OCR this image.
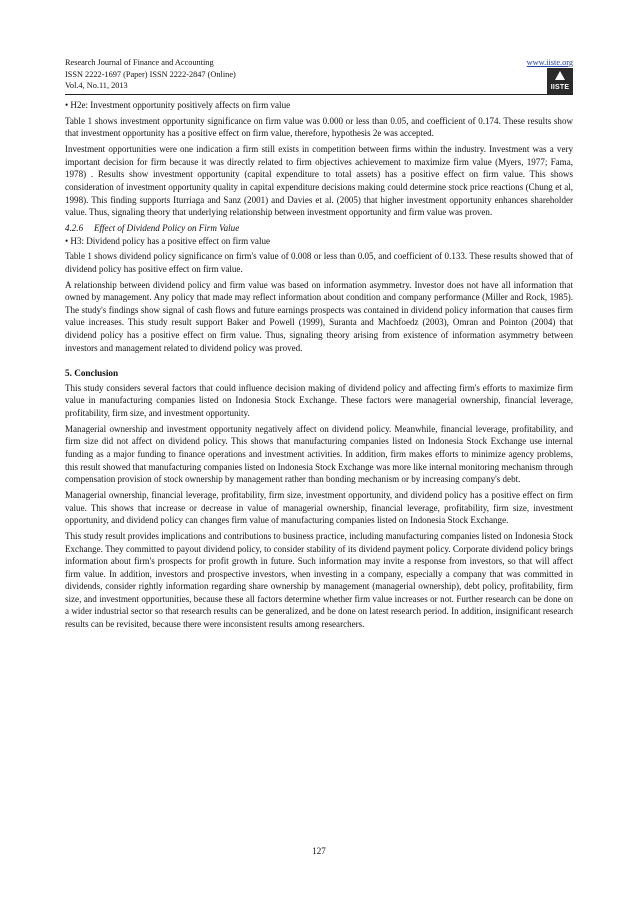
Research Journal of Finance and Accounting
ISSN 2222-1697 (Paper) ISSN 2222-2847 (Online)
Vol.4, No.11, 2013
www.iiste.org
IISTE

• H2e: Investment opportunity positively affects on firm value

Table 1 shows investment opportunity significance on firm value was 0.000 or less than 0.05, and coefficient of 0.174. These results show that investment opportunity has a positive effect on firm value, therefore, hypothesis 2e was accepted.

Investment opportunities were one indication a firm still exists in competition between firms within the industry. Investment was a very important decision for firm because it was directly related to firm objectives achievement to maximize firm value (Myers, 1977; Fama, 1978) . Results show investment opportunity (capital expenditure to total assets) has a positive effect on firm value. This shows consideration of investment opportunity quality in capital expenditure decisions making could determine stock price reactions (Chung et al, 1998). This finding supports Iturriaga and Sanz (2001) and Davies et al. (2005) that higher investment opportunity enhances shareholder value. Thus, signaling theory that underlying relationship between investment opportunity and firm value was proven.

4.2.6 Effect of Dividend Policy on Firm Value

• H3: Dividend policy has a positive effect on firm value

Table 1 shows dividend policy significance on firm's value of 0.008 or less than 0.05, and coefficient of 0.133. These results showed that of dividend policy has positive effect on firm value.

A relationship between dividend policy and firm value was based on information asymmetry. Investor does not have all information that owned by management. Any policy that made may reflect information about condition and company performance (Miller and Rock, 1985). The study's findings show signal of cash flows and future earnings prospects was contained in dividend policy information that causes firm value increases. This study result support Baker and Powell (1999), Suranta and Machfoedz (2003), Omran and Pointon (2004) that dividend policy has a positive effect on firm value. Thus, signaling theory arising from existence of information asymmetry between investors and management related to dividend policy was proved.

5. Conclusion

This study considers several factors that could influence decision making of dividend policy and affecting firm's efforts to maximize firm value in manufacturing companies listed on Indonesia Stock Exchange. These factors were managerial ownership, financial leverage, profitability, firm size, and investment opportunity.

Managerial ownership and investment opportunity negatively affect on dividend policy. Meanwhile, financial leverage, profitability, and firm size did not affect on dividend policy. This shows that manufacturing companies listed on Indonesia Stock Exchange use internal funding as a major funding to finance operations and investment activities. In addition, firm makes efforts to minimize agency problems, this result showed that manufacturing companies listed on Indonesia Stock Exchange was more like internal monitoring mechanism through compensation provision of stock ownership by management rather than bonding mechanism or by increasing company's debt.

Managerial ownership, financial leverage, profitability, firm size, investment opportunity, and dividend policy has a positive effect on firm value. This shows that increase or decrease in value of managerial ownership, financial leverage, profitability, firm size, investment opportunity, and dividend policy can changes firm value of manufacturing companies listed on Indonesia Stock Exchange.

This study result provides implications and contributions to business practice, including manufacturing companies listed on Indonesia Stock Exchange. They committed to payout dividend policy, to consider stability of its dividend payment policy. Corporate dividend policy brings information about firm's prospects for profit growth in future. Such information may invite a response from investors, so that will affect firm value. In addition, investors and prospective investors, when investing in a company, especially a company that was committed in dividends, consider rightly information regarding share ownership by management (managerial ownership), debt policy, profitability, firm size, and investment opportunities, because these all factors determine whether firm value increases or not. Further research can be done on a wider industrial sector so that research results can be generalized, and be done on latest research period. In addition, insignificant research results can be revisited, because there were inconsistent results among researchers.

127
